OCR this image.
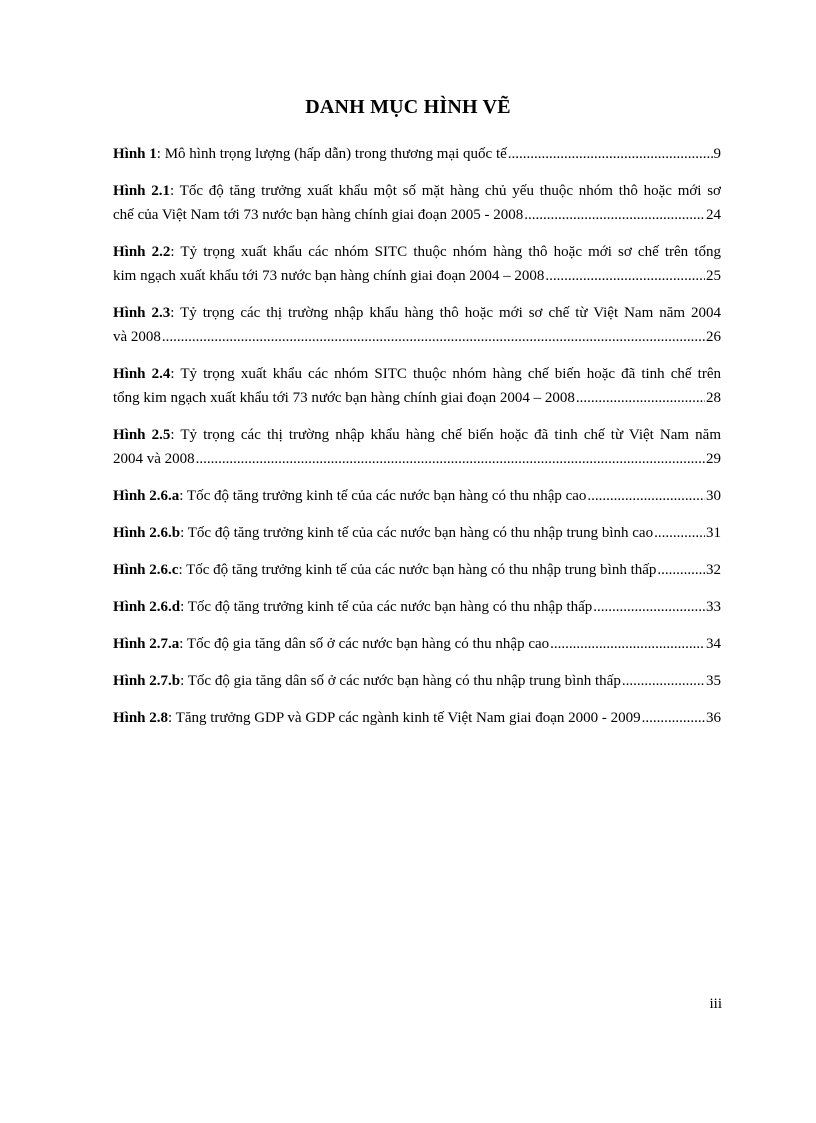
DANH MỤC HÌNH VẼ
Hình 1 : Mô hình trọng lượng (hấp dẫn) trong thương mại quốc tế .....	9
Hình 2.1: Tốc độ tăng trưởng xuất khẩu một số mặt hàng chủ yếu thuộc nhóm thô hoặc mới sơ
chế của Việt Nam tới 73 nước bạn hàng chính giai đoạn 2005 - 2008 .....	24
Hình 2.2: Tỷ trọng xuất khẩu các nhóm SITC thuộc nhóm hàng thô hoặc mới sơ chế trên tổng
kim ngạch xuất khẩu tới 73 nước bạn hàng chính giai đoạn 2004 – 2008 .....	25
Hình 2.3: Tỷ trọng các thị trường nhập khẩu hàng thô hoặc mới sơ chế từ Việt Nam năm 2004
và 2008 .....	26
Hình 2.4: Tỷ trọng xuất khẩu các nhóm SITC thuộc nhóm hàng chế biến hoặc đã tinh chế trên
tổng kim ngạch xuất khẩu tới 73 nước bạn hàng chính giai đoạn 2004 – 2008 .....	28
Hình 2.5: Tỷ trọng các thị trường nhập khẩu hàng chế biến hoặc đã tinh chế từ Việt Nam năm
2004 và 2008 .....	29
Hình 2.6.a : Tốc độ tăng trưởng kinh tế của các nước bạn hàng có thu nhập cao .....	30
Hình 2.6.b : Tốc độ tăng trưởng kinh tế của các nước bạn hàng có thu nhập trung bình cao .....	31
Hình 2.6.c : Tốc độ tăng trưởng kinh tế của các nước bạn hàng có thu nhập trung bình thấp .....	32
Hình 2.6.d : Tốc độ tăng trưởng kinh tế của các nước bạn hàng có thu nhập thấp .....	33
Hình 2.7.a : Tốc độ gia tăng dân số ở các nước bạn hàng có thu nhập cao .....	34
Hình 2.7.b : Tốc độ gia tăng dân số ở các nước bạn hàng có thu nhập trung bình thấp .....	35
Hình 2.8 : Tăng trưởng GDP và GDP các ngành kinh tế Việt Nam giai đoạn 2000 - 2009 .....	36
iii
